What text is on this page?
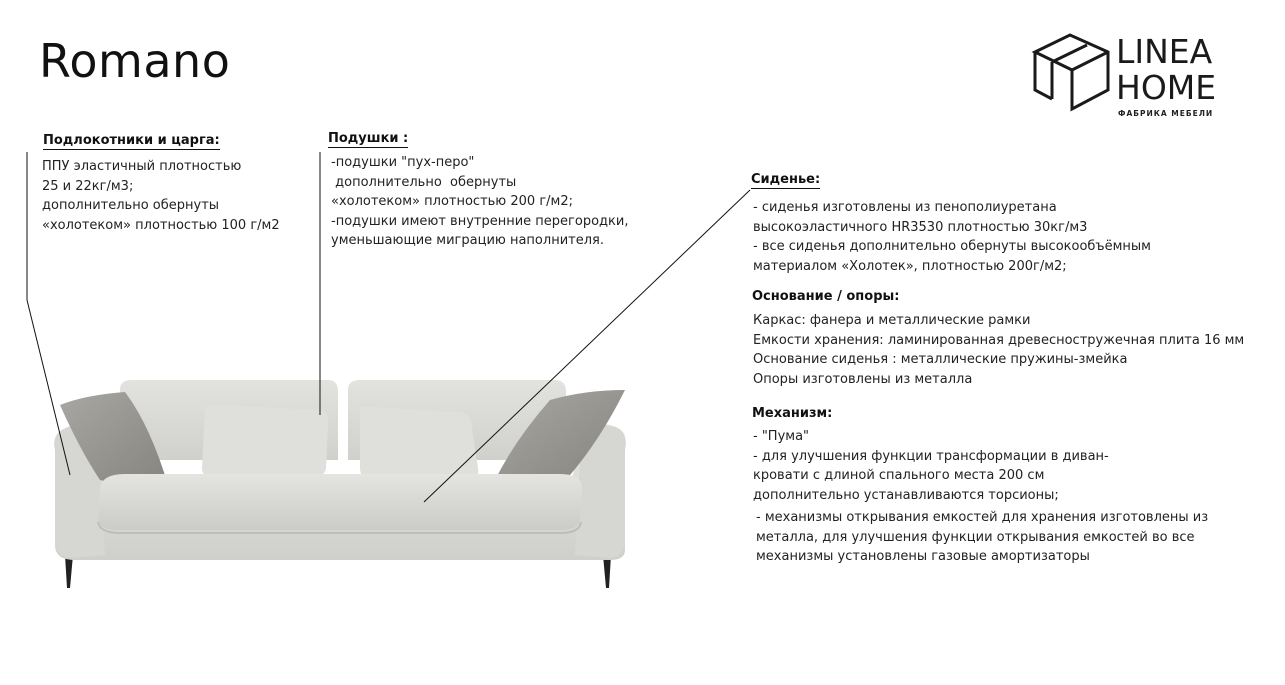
Romano	LINEA
HOME
ФАБРИКА МЕБЕЛИ
Подлокотники и царга:
ППУ эластичный плотностью
25 и 22кг/м3;
дополнительно обернуты
«холотеком» плотностью 100 г/м2
Подушки :
-подушки "пух-перо"
дополнительно  обернуты
«холотеком» плотностью 200 г/м2;
-подушки имеют внутренние перегородки,
уменьшающие миграцию наполнителя.
Сиденье:
- сиденья изготовлены из пенополиуретана
высокоэластичного HR3530 плотностью 30кг/м3
- все сиденья дополнительно обернуты высокообъёмным
материалом «Холотек», плотностью 200г/м2;
Основание / опоры:
Каркас: фанера и металлические рамки
Емкости хранения: ламинированная древесностружечная плита 16 мм
Основание сиденья : металлические пружины-змейка
Опоры изготовлены из металла
Механизм:
- "Пума"
- для улучшения функции трансформации в диван-
кровати с длиной спального места 200 см
дополнительно устанавливаются торсионы;
- механизмы открывания емкостей для хранения изготовлены из
металла, для улучшения функции открывания емкостей во все
механизмы установлены газовые амортизаторы
